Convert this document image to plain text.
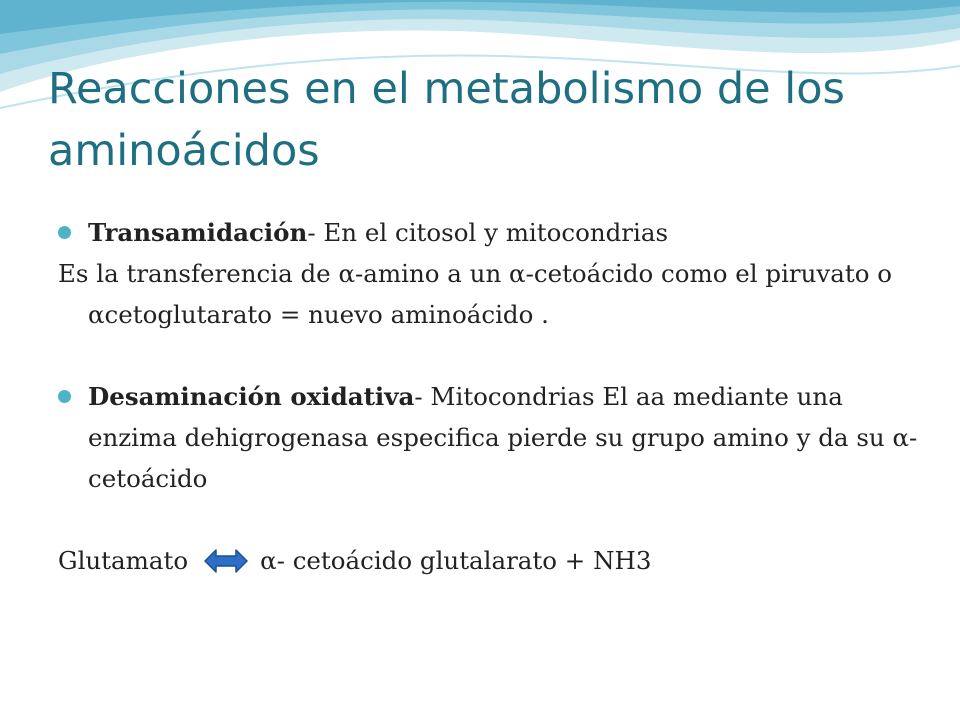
Reacciones en el metabolismo de los aminoácidos
Transamidación- En el citosol y mitocondrias
Es la transferencia de α-amino a un α-cetoácido como el piruvato o αcetoglutarato = nuevo aminoácido .
Desaminación oxidativa- Mitocondrias El aa mediante una enzima dehigrogenasa especifica pierde su grupo amino y da su α-cetoácido
Glutamato	α- cetoácido glutalarato + NH3
